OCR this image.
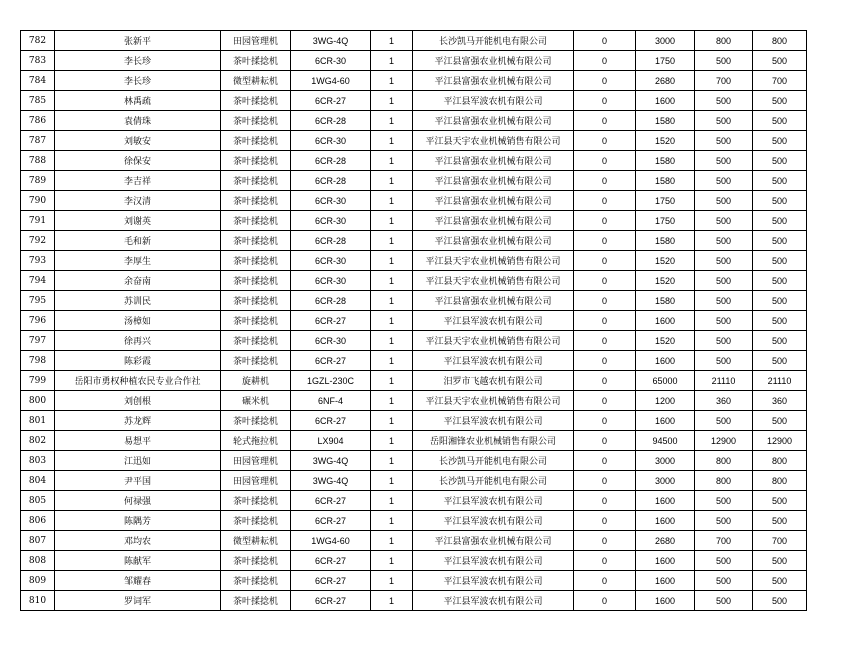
782	张新平	田园管理机	3WG-4Q	1	长沙凯马开能机电有限公司	0	3000	800	800
783	李长珍	茶叶揉捻机	6CR-30	1	平江县富强农业机械有限公司	0	1750	500	500
784	李长珍	微型耕耘机	1WG4-60	1	平江县富强农业机械有限公司	0	2680	700	700
785	林禹疏	茶叶揉捻机	6CR-27	1	平江县军波农机有限公司	0	1600	500	500
786	袁倩珠	茶叶揉捻机	6CR-28	1	平江县富强农业机械有限公司	0	1580	500	500
787	刘敏安	茶叶揉捻机	6CR-30	1	平江县天宇农业机械销售有限公司	0	1520	500	500
788	徐保安	茶叶揉捻机	6CR-28	1	平江县富强农业机械有限公司	0	1580	500	500
789	李吉祥	茶叶揉捻机	6CR-28	1	平江县富强农业机械有限公司	0	1580	500	500
790	李汉清	茶叶揉捻机	6CR-30	1	平江县富强农业机械有限公司	0	1750	500	500
791	刘谢英	茶叶揉捻机	6CR-30	1	平江县富强农业机械有限公司	0	1750	500	500
792	毛和新	茶叶揉捻机	6CR-28	1	平江县富强农业机械有限公司	0	1580	500	500
793	李厚生	茶叶揉捻机	6CR-30	1	平江县天宇农业机械销售有限公司	0	1520	500	500
794	余奋南	茶叶揉捻机	6CR-30	1	平江县天宇农业机械销售有限公司	0	1520	500	500
795	苏训民	茶叶揉捻机	6CR-28	1	平江县富强农业机械有限公司	0	1580	500	500
796	汤樟如	茶叶揉捻机	6CR-27	1	平江县军波农机有限公司	0	1600	500	500
797	徐再兴	茶叶揉捻机	6CR-30	1	平江县天宇农业机械销售有限公司	0	1520	500	500
798	陈彩霞	茶叶揉捻机	6CR-27	1	平江县军波农机有限公司	0	1600	500	500
799	岳阳市勇权种植农民专业合作社	旋耕机	1GZL-230C	1	汨罗市飞越农机有限公司	0	65000	21110	21110
800	刘创根	碾米机	6NF-4	1	平江县天宇农业机械销售有限公司	0	1200	360	360
801	苏龙辉	茶叶揉捻机	6CR-27	1	平江县军波农机有限公司	0	1600	500	500
802	易想平	轮式拖拉机	LX904	1	岳阳湘锋农业机械销售有限公司	0	94500	12900	12900
803	江迅如	田园管理机	3WG-4Q	1	长沙凯马开能机电有限公司	0	3000	800	800
804	尹平国	田园管理机	3WG-4Q	1	长沙凯马开能机电有限公司	0	3000	800	800
805	何禄强	茶叶揉捻机	6CR-27	1	平江县军波农机有限公司	0	1600	500	500
806	陈隅芳	茶叶揉捻机	6CR-27	1	平江县军波农机有限公司	0	1600	500	500
807	邓均农	微型耕耘机	1WG4-60	1	平江县富强农业机械有限公司	0	2680	700	700
808	陈献军	茶叶揉捻机	6CR-27	1	平江县军波农机有限公司	0	1600	500	500
809	邹耀春	茶叶揉捻机	6CR-27	1	平江县军波农机有限公司	0	1600	500	500
810	罗词军	茶叶揉捻机	6CR-27	1	平江县军波农机有限公司	0	1600	500	500
